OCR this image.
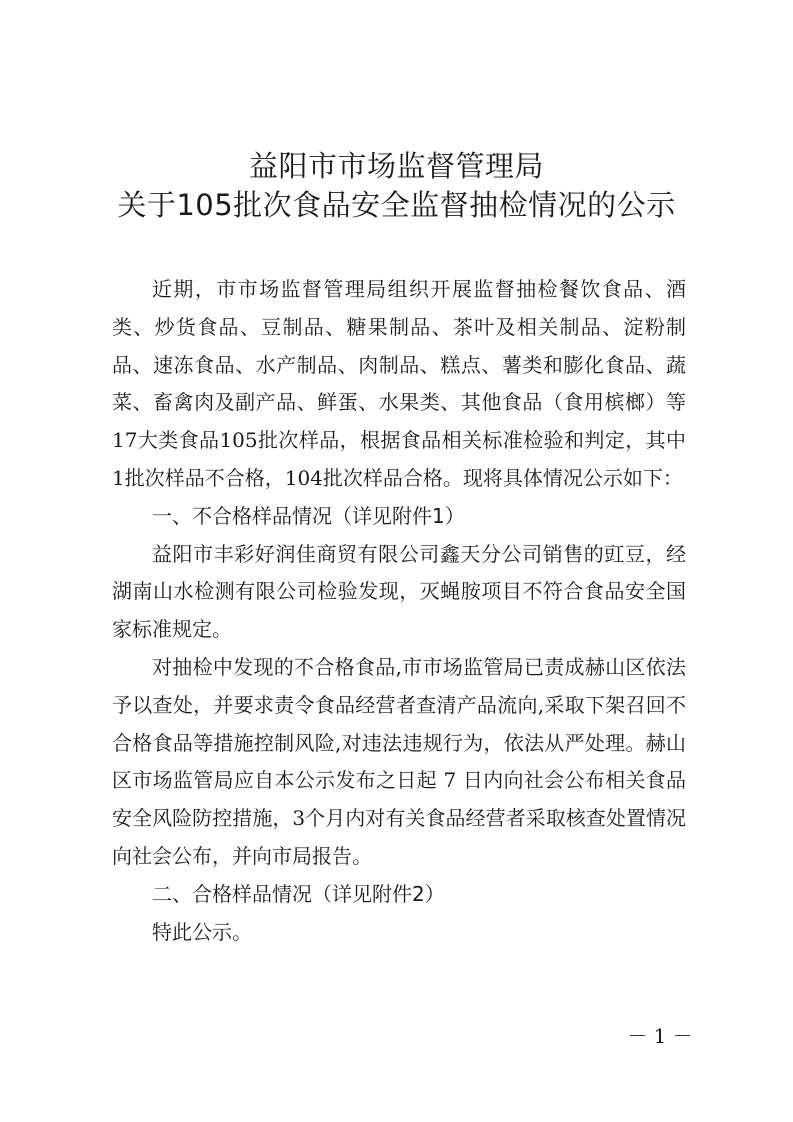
益阳市市场监督管理局
关于105批次食品安全监督抽检情况的公示

近期，市市场监督管理局组织开展监督抽检餐饮食品、酒类、炒货食品、豆制品、糖果制品、茶叶及相关制品、淀粉制品、速冻食品、水产制品、肉制品、糕点、薯类和膨化食品、蔬菜、畜禽肉及副产品、鲜蛋、水果类、其他食品（食用槟榔）等17大类食品105批次样品，根据食品相关标准检验和判定，其中1批次样品不合格，104批次样品合格。现将具体情况公示如下：

一、不合格样品情况（详见附件1）

益阳市丰彩好润佳商贸有限公司鑫天分公司销售的豇豆，经湖南山水检测有限公司检验发现，灭蝇胺项目不符合食品安全国家标准规定。

对抽检中发现的不合格食品,市市场监管局已责成赫山区依法予以查处，并要求责令食品经营者查清产品流向,采取下架召回不合格食品等措施控制风险,对违法违规行为，依法从严处理。赫山区市场监管局应自本公示发布之日起 7 日内向社会公布相关食品安全风险防控措施，3个月内对有关食品经营者采取核查处置情况向社会公布，并向市局报告。

二、合格样品情况（详见附件2）

特此公示。

－ 1 －
